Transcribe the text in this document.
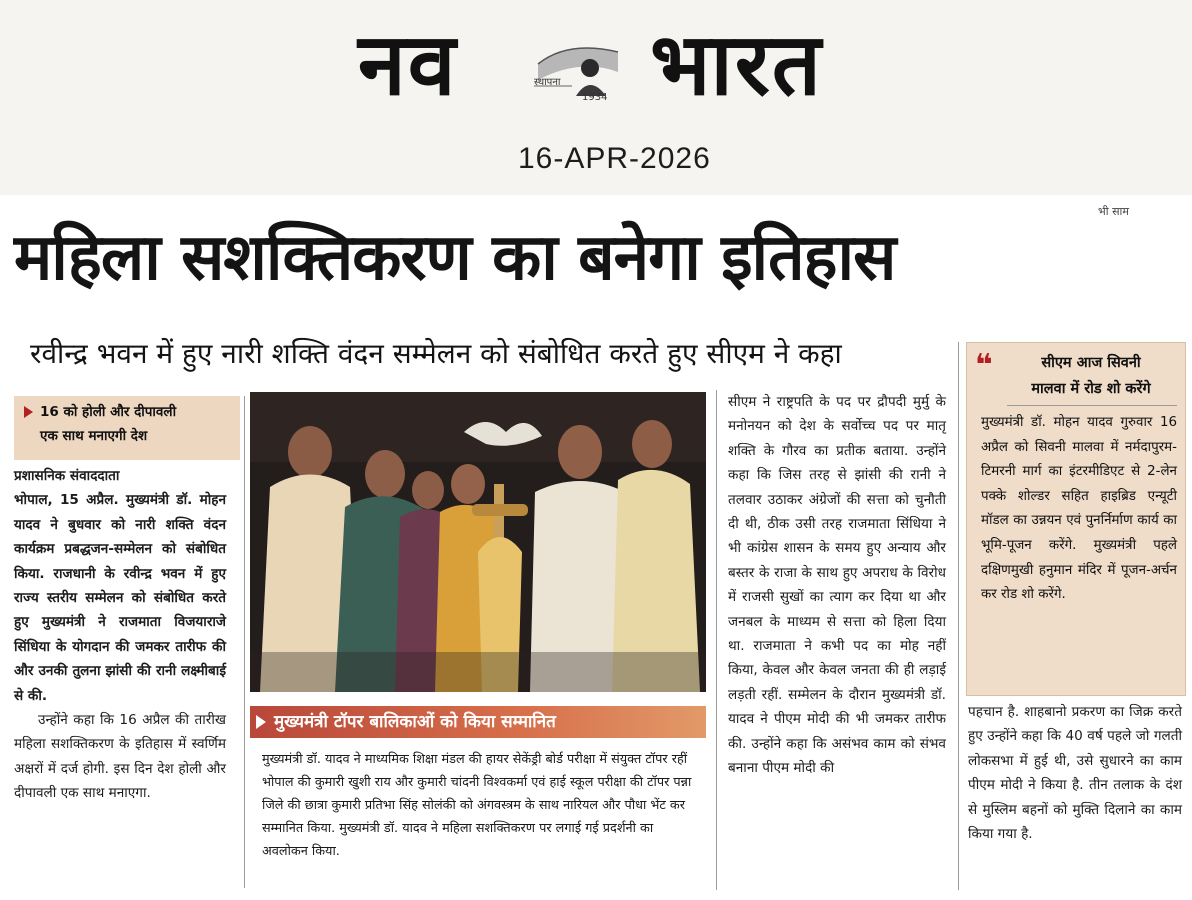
नव	स्थापना
1934 भारत
16-APR-2026
भी साम
महिला सशक्तिकरण का बनेगा इतिहास
रवीन्द्र भवन में हुए नारी शक्ति वंदन सम्मेलन को संबोधित करते हुए सीएम ने कहा
16 को होली और दीपावली
एक साथ मनाएगी देश

प्रशासनिक संवाददाता

भोपाल, 15 अप्रैल. मुख्यमंत्री डॉ. मोहन यादव ने बुधवार को नारी शक्ति वंदन कार्यक्रम प्रबद्धजन-सम्मेलन को संबोधित किया. राजधानी के रवीन्द्र भवन में हुए राज्य स्तरीय सम्मेलन को संबोधित करते हुए मुख्यमंत्री ने राजमाता विजयाराजे सिंधिया के योगदान की जमकर तारीफ की और उनकी तुलना झांसी की रानी लक्ष्मीबाई से की.

उन्होंने कहा कि 16 अप्रैल की तारीख महिला सशक्तिकरण के इतिहास में स्वर्णिम अक्षरों में दर्ज होगी. इस दिन देश होली और दीपावली एक साथ मनाएगा.

मुख्यमंत्री टॉपर बालिकाओं को किया सम्मानित
मुख्यमंत्री डॉ. यादव ने माध्यमिक शिक्षा मंडल की हायर सेकेंड्री बोर्ड परीक्षा में संयुक्त टॉपर रहीं भोपाल की कुमारी खुशी राय और कुमारी चांदनी विश्वकर्मा एवं हाई स्कूल परीक्षा की टॉपर पन्ना जिले की छात्रा कुमारी प्रतिभा सिंह सोलंकी को अंगवस्त्रम के साथ नारियल और पौधा भेंट कर सम्मानित किया. मुख्यमंत्री डॉ. यादव ने महिला सशक्तिकरण पर लगाई गई प्रदर्शनी का अवलोकन किया.
सीएम ने राष्ट्रपति के पद पर द्रौपदी मुर्मु के मनोनयन को देश के सर्वोच्च पद पर मातृ शक्ति के गौरव का प्रतीक बताया. उन्होंने कहा कि जिस तरह से झांसी की रानी ने तलवार उठाकर अंग्रेजों की सत्ता को चुनौती दी थी, ठीक उसी तरह राजमाता सिंधिया ने भी कांग्रेस शासन के समय हुए अन्याय और बस्तर के राजा के साथ हुए अपराध के विरोध में राजसी सुखों का त्याग कर दिया था और जनबल के माध्यम से सत्ता को हिला दिया था. राजमाता ने कभी पद का मोह नहीं किया, केवल और केवल जनता की ही लड़ाई लड़ती रहीं. सम्मेलन के दौरान मुख्यमंत्री डॉ. यादव ने पीएम मोदी की भी जमकर तारीफ की. उन्होंने कहा कि असंभव काम को संभव बनाना पीएम मोदी की
❝	सीएम आज सिवनी
मालवा में रोड शो करेंगे
मुख्यमंत्री डॉ. मोहन यादव गुरुवार 16 अप्रैल को सिवनी मालवा में नर्मदापुरम-टिमरनी मार्ग का इंटरमीडिएट से 2-लेन पक्के शोल्डर सहित हाइब्रिड एन्यूटी मॉडल का उन्नयन एवं पुनर्निर्माण कार्य का भूमि-पूजन करेंगे. मुख्यमंत्री पहले दक्षिणमुखी हनुमान मंदिर में पूजन-अर्चन कर रोड शो करेंगे.
पहचान है. शाहबानो प्रकरण का जिक्र करते हुए उन्होंने कहा कि 40 वर्ष पहले जो गलती लोकसभा में हुई थी, उसे सुधारने का काम पीएम मोदी ने किया है. तीन तलाक के दंश से मुस्लिम बहनों को मुक्ति दिलाने का काम किया गया है.
